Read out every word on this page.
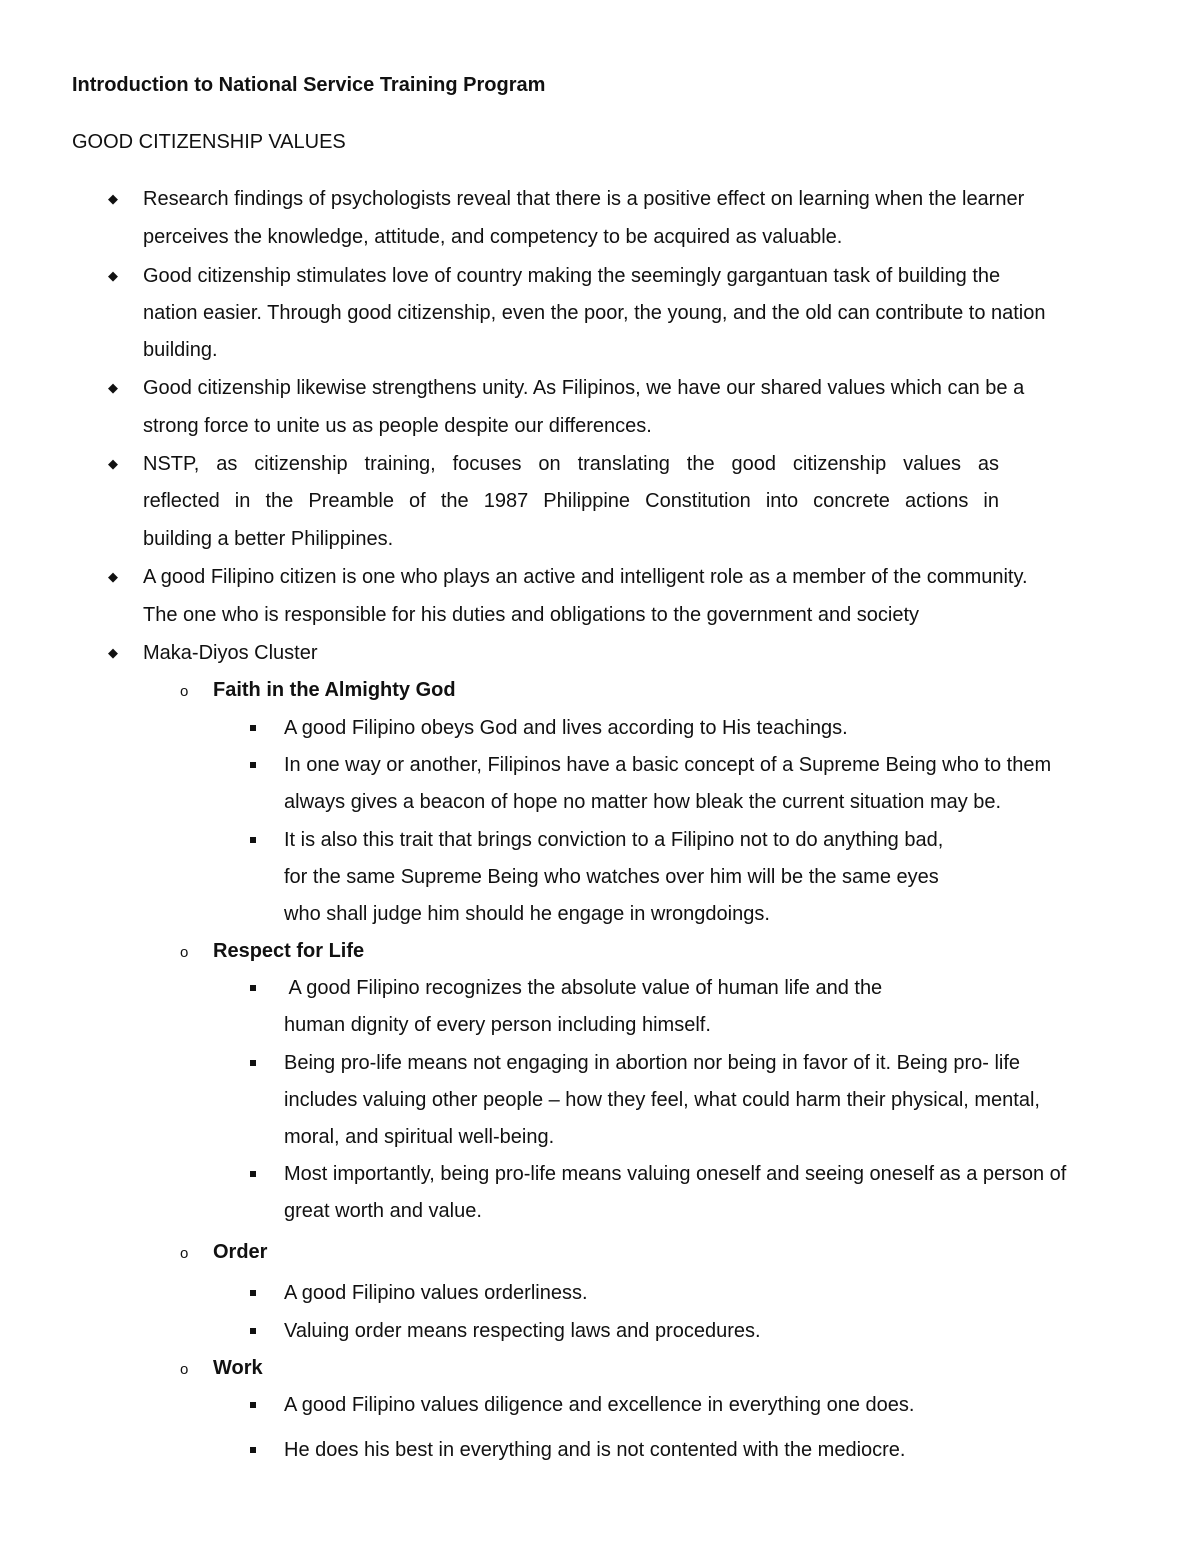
Introduction to National Service Training Program
GOOD CITIZENSHIP VALUES
◆ Research findings of psychologists reveal that there is a positive effect on learning when the learner
perceives the knowledge, attitude, and competency to be acquired as valuable.
◆ Good citizenship stimulates love of country making the seemingly gargantuan task of building the
nation easier. Through good citizenship, even the poor, the young, and the old can contribute to nation
building.
◆ Good citizenship likewise strengthens unity. As Filipinos, we have our shared values which can be a
strong force to unite us as people despite our differences.
◆ NSTP, as citizenship training, focuses on translating the good citizenship values as
reflected in the Preamble of the 1987 Philippine Constitution into concrete actions in
building a better Philippines.
◆ A good Filipino citizen is one who plays an active and intelligent role as a member of the community.
The one who is responsible for his duties and obligations to the government and society
◆ Maka-Diyos Cluster
o Faith in the Almighty God
A good Filipino obeys God and lives according to His teachings.
In one way or another, Filipinos have a basic concept of a Supreme Being who to them
always gives a beacon of hope no matter how bleak the current situation may be.
It is also this trait that brings conviction to a Filipino not to do anything bad,
for the same Supreme Being who watches over him will be the same eyes
who shall judge him should he engage in wrongdoings.
o Respect for Life
A good Filipino recognizes the absolute value of human life and the
human dignity of every person including himself.
Being pro-life means not engaging in abortion nor being in favor of it. Being pro- life
includes valuing other people – how they feel, what could harm their physical, mental,
moral, and spiritual well-being.
Most importantly, being pro-life means valuing oneself and seeing oneself as a person of
great worth and value.
o Order
A good Filipino values orderliness.
Valuing order means respecting laws and procedures.
o Work
A good Filipino values diligence and excellence in everything one does.
He does his best in everything and is not contented with the mediocre.
